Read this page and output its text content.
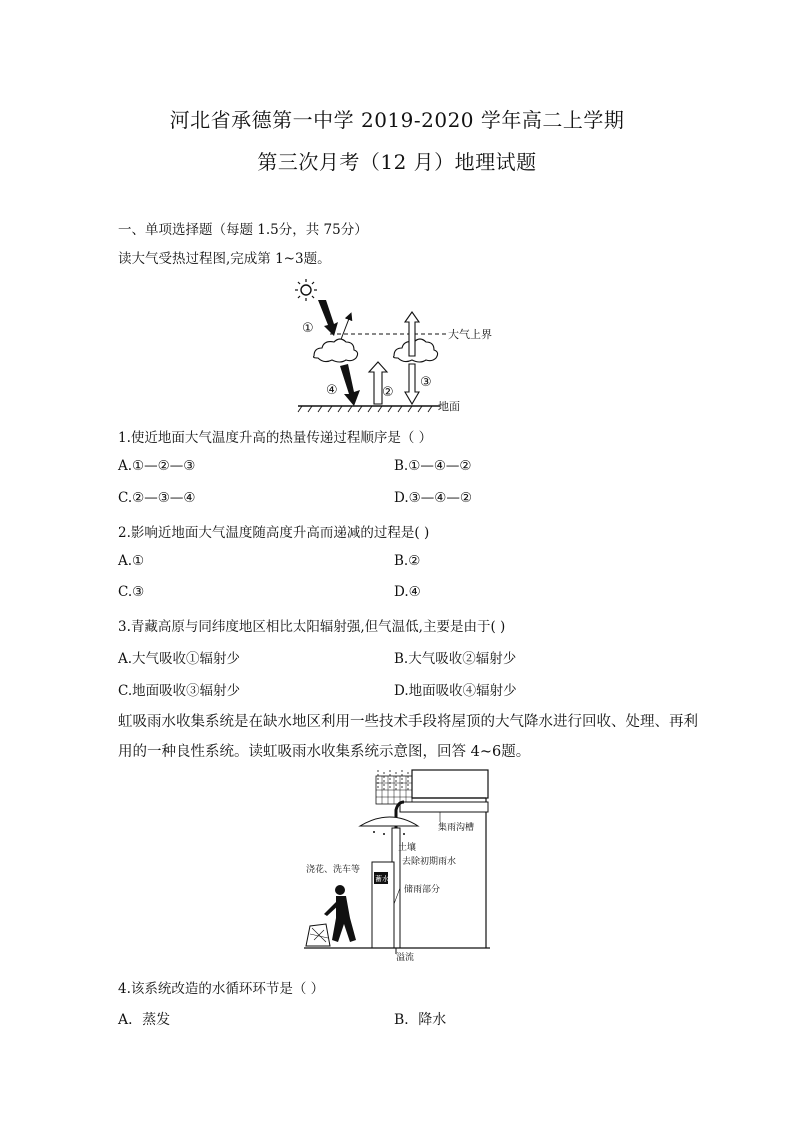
河北省承德第一中学 2019-2020 学年高二上学期
第三次月考（12 月）地理试题
一、单项选择题（每题 1.5分，共 75分）
读大气受热过程图,完成第 1~3题。
大气上界
①
④	②
③
地面
1.使近地面大气温度升高的热量传递过程顺序是（ ）
A.①—②—③	B.①—④—②
C.②—③—④	D.③—④—②
2.影响近地面大气温度随高度升高而递减的过程是( )
A.①	B.②
C.③	D.④
3.青藏高原与同纬度地区相比太阳辐射强,但气温低,主要是由于( )
A.大气吸收①辐射少	B.大气吸收②辐射少
C.地面吸收③辐射少	D.地面吸收④辐射少
虹吸雨水收集系统是在缺水地区利用一些技术手段将屋顶的大气降水进行回收、处理、再利
用的一种良性系统。读虹吸雨水收集系统示意图，回答 4~6题。
集雨沟槽
蓄水
土壤
去除初期雨水
储雨部分
浇花、洗车等
溢流
4.该系统改造的水循环环节是（ ）
A．蒸发	B．降水
